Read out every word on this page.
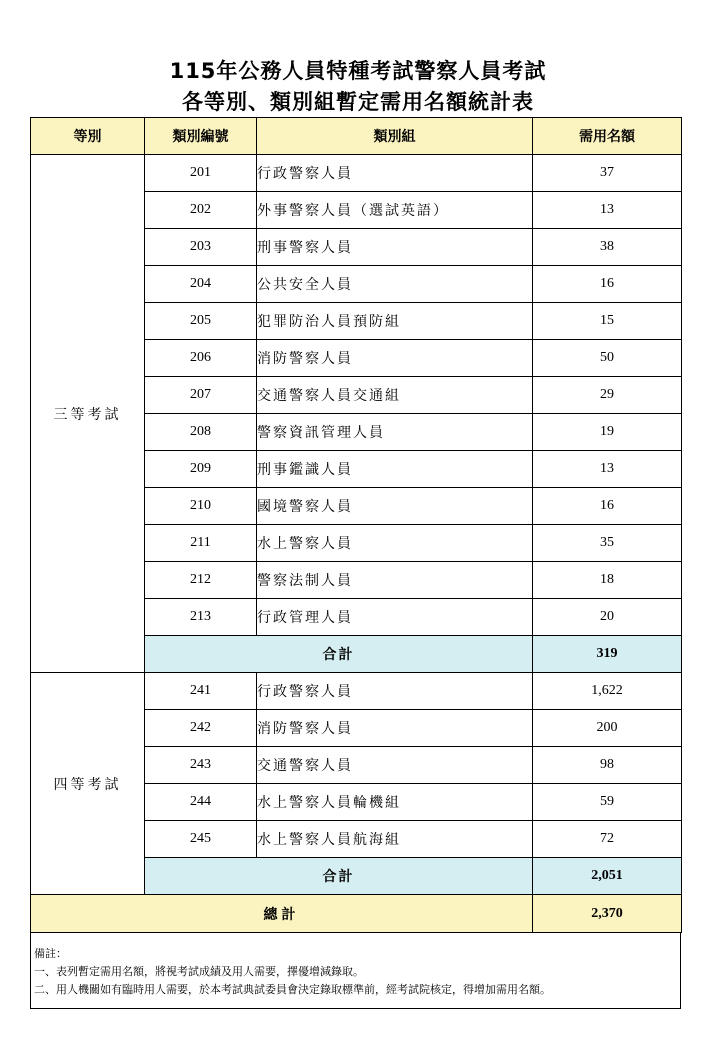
115年公務人員特種考試警察人員考試
各等別、類別組暫定需用名額統計表
等別	類別編號	類別組	需用名額
三等考試	201	行政警察人員	37
	202	外事警察人員（選試英語）	13
	203	刑事警察人員	38
	204	公共安全人員	16
	205	犯罪防治人員預防組	15
	206	消防警察人員	50
	207	交通警察人員交通組	29
	208	警察資訊管理人員	19
	209	刑事鑑識人員	13
	210	國境警察人員	16
	211	水上警察人員	35
	212	警察法制人員	18
	213	行政管理人員	20
	合計		319
四等考試	241	行政警察人員	1,622
	242	消防警察人員	200
	243	交通警察人員	98
	244	水上警察人員輪機組	59
	245	水上警察人員航海組	72
	合計		2,051
總計			2,370
備註：
一、表列暫定需用名額，將視考試成績及用人需要，擇優增減錄取。
二、用人機關如有臨時用人需要，於本考試典試委員會決定錄取標準前，經考試院核定，得增加需用名額。
